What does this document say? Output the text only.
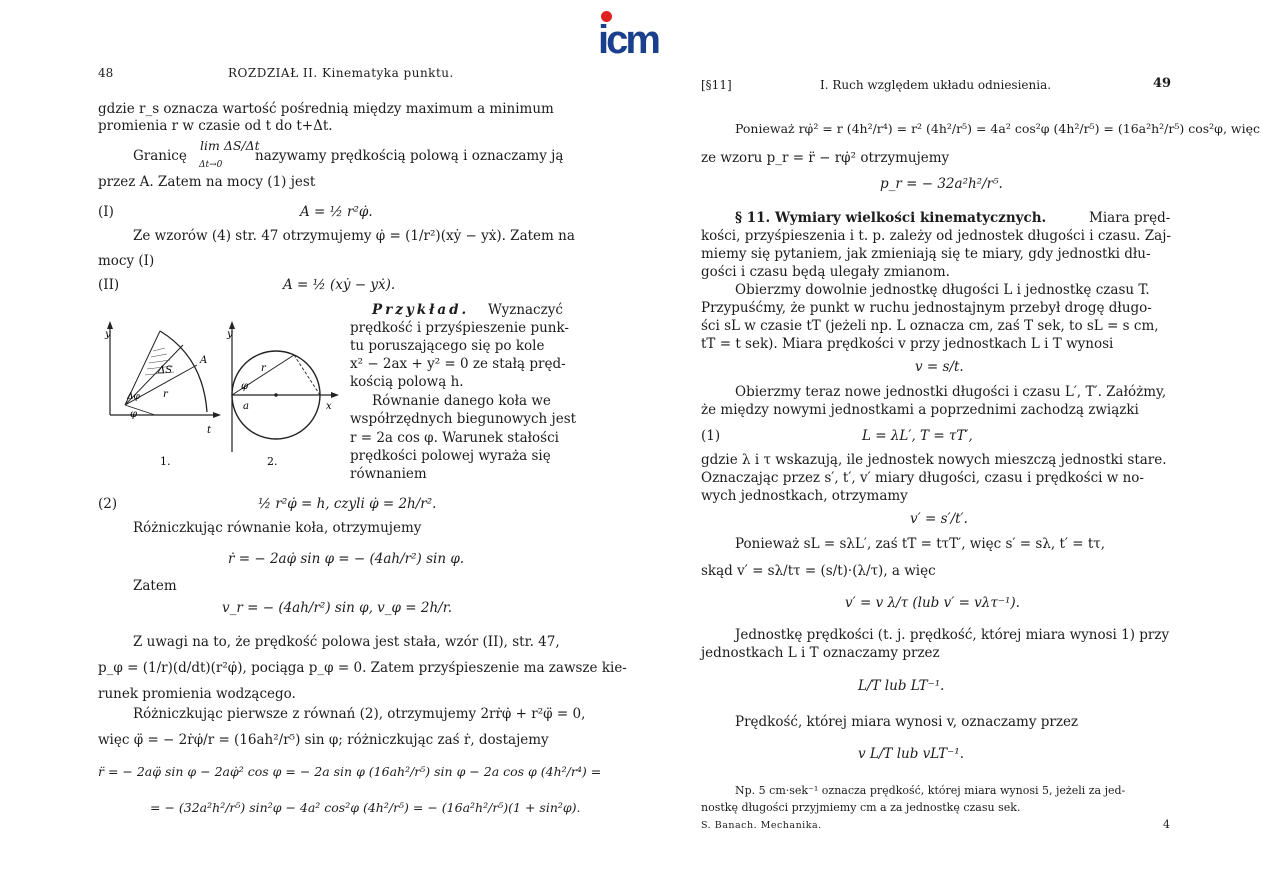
icm
48	ROZDZIAŁ II. Kinematyka punktu.
gdzie r_s oznacza wartość pośrednią między maximum a minimum
promienia r w czasie od t do t+Δt.
Granicę
lim ΔS/Δt
Δt→0
nazywamy prędkością polową i oznaczamy ją
przez A. Zatem na mocy (1) jest
(I)	A = ½ r²φ̇.
Ze wzorów (4) str. 47 otrzymujemy φ̇ = (1/r²)(xẏ − yẋ). Zatem na
mocy (I)
(II)	A = ½ (xẏ − yẋ).
Przykład. Wyznaczyć
prędkość i przyśpieszenie punk-
tu poruszającego się po kole
x² − 2ax + y² = 0 ze stałą pręd-
kością polową h.
Równanie danego koła we
współrzędnych biegunowych jest
r = 2a cos φ. Warunek stałości
prędkości polowej wyraża się
równaniem
y
t
ΔS
A
r
Δφ
φ
1.
y
x
a
r
φ
2.
(2)	½ r²φ̇ = h, czyli φ̇ = 2h/r².
Różniczkując równanie koła, otrzymujemy
ṙ = − 2aφ̇ sin φ = − (4ah/r²) sin φ.
Zatem
v_r = − (4ah/r²) sin φ, v_φ = 2h/r.
Z uwagi na to, że prędkość polowa jest stała, wzór (II), str. 47,
p_φ = (1/r)(d/dt)(r²φ̇), pociąga p_φ = 0. Zatem przyśpieszenie ma zawsze kie-
runek promienia wodzącego.
Różniczkując pierwsze z równań (2), otrzymujemy 2rṙφ̇ + r²φ̈ = 0,
więc φ̈ = − 2ṙφ̇/r = (16ah²/r⁵) sin φ; różniczkując zaś ṙ, dostajemy
r̈ = − 2aφ̈ sin φ − 2aφ̇² cos φ = − 2a sin φ (16ah²/r⁵) sin φ − 2a cos φ (4h²/r⁴) =
= − (32a²h²/r⁵) sin²φ − 4a² cos²φ (4h²/r⁵) = − (16a²h²/r⁵)(1 + sin²φ).
[§11]	I. Ruch względem układu odniesienia.	49
Ponieważ rφ̇² = r (4h²/r⁴) = r² (4h²/r⁵) = 4a² cos²φ (4h²/r⁵) = (16a²h²/r⁵) cos²φ, więc
ze wzoru p_r = r̈ − rφ̇² otrzymujemy
p_r = − 32a²h²/r⁵.
§ 11. Wymiary wielkości kinematycznych.	Miara pręd-
kości, przyśpieszenia i t. p. zależy od jednostek długości i czasu. Zaj-
miemy się pytaniem, jak zmieniają się te miary, gdy jednostki dłu-
gości i czasu będą ulegały zmianom.
Obierzmy dowolnie jednostkę długości L i jednostkę czasu T.
Przypuśćmy, że punkt w ruchu jednostajnym przebył drogę długo-
ści sL w czasie tT (jeżeli np. L oznacza cm, zaś T sek, to sL = s cm,
tT = t sek). Miara prędkości v przy jednostkach L i T wynosi
v = s/t.
Obierzmy teraz nowe jednostki długości i czasu L′, T′. Załóżmy,
że między nowymi jednostkami a poprzednimi zachodzą związki
(1)	L = λL′, T = τT′,
gdzie λ i τ wskazują, ile jednostek nowych mieszczą jednostki stare.
Oznaczając przez s′, t′, v′ miary długości, czasu i prędkości w no-
wych jednostkach, otrzymamy
v′ = s′/t′.
Ponieważ sL = sλL′, zaś tT = tτT′, więc s′ = sλ, t′ = tτ,
skąd v′ = sλ/tτ = (s/t)·(λ/τ), a więc
v′ = v λ/τ (lub v′ = vλτ⁻¹).
Jednostkę prędkości (t. j. prędkość, której miara wynosi 1) przy
jednostkach L i T oznaczamy przez
L/T lub LT⁻¹.
Prędkość, której miara wynosi v, oznaczamy przez
v L/T lub vLT⁻¹.
Np. 5 cm·sek⁻¹ oznacza prędkość, której miara wynosi 5, jeżeli za jed-
nostkę długości przyjmiemy cm a za jednostkę czasu sek.
S. Banach. Mechanika.	4
